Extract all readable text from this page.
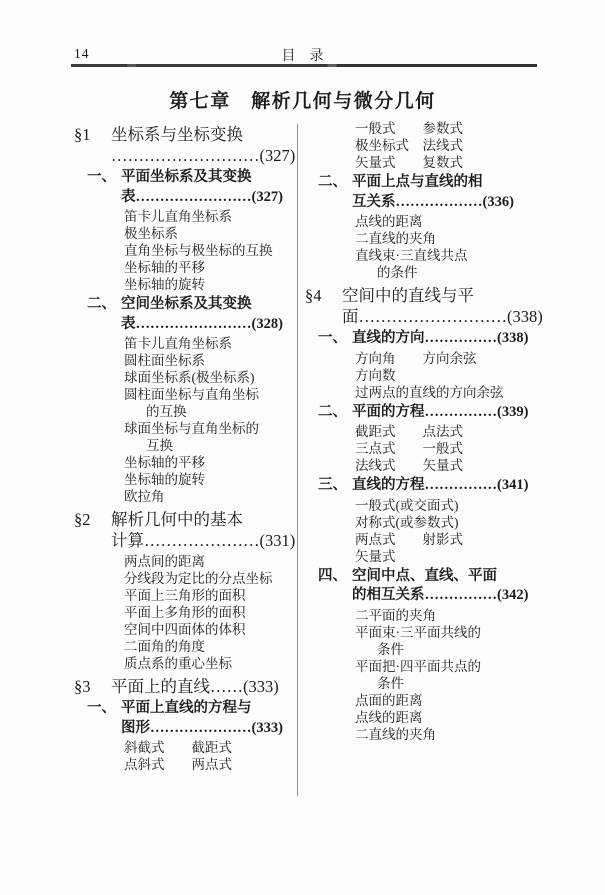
14	目　录
第七章　解析几何与微分几何
§1	坐标系与坐标变换
………………………(327)
一、 平面坐标系及其变换
表……………………(327)
笛卡儿直角坐标系
极坐标系
直角坐标与极坐标的互换
坐标轴的平移
坐标轴的旋转
二、 空间坐标系及其变换
表……………………(328)
笛卡儿直角坐标系
圆柱面坐标系
球面坐标系(极坐标系)
圆柱面坐标与直角坐标
的互换
球面坐标与直角坐标的
互换
坐标轴的平移
坐标轴的旋转
欧拉角
§2	解析几何中的基本
计算…………………(331)
两点间的距离
分线段为定比的分点坐标
平面上三角形的面积
平面上多角形的面积
空间中四面体的体积
二面角的角度
质点系的重心坐标
§3	平面上的直线……(333)
一、 平面上直线的方程与
图形…………………(333)
斜截式　　截距式
点斜式　　两点式
一般式　　参数式
极坐标式　法线式
矢量式　　复数式
二、 平面上点与直线的相
互关系………………(336)
点线的距离
二直线的夹角
直线束·三直线共点
的条件
§4	空间中的直线与平
面………………………(338)
一、 直线的方向……………(338)
方向角　　方向余弦
方向数
过两点的直线的方向余弦
二、 平面的方程……………(339)
截距式　　点法式
三点式　　一般式
法线式　　矢量式
三、 直线的方程……………(341)
一般式(或交面式)
对称式(或参数式)
两点式　　射影式
矢量式
四、 空间中点、直线、平面
的相互关系……………(342)
二平面的夹角
平面束·三平面共线的
条件
平面把·四平面共点的
条件
点面的距离
点线的距离
二直线的夹角
